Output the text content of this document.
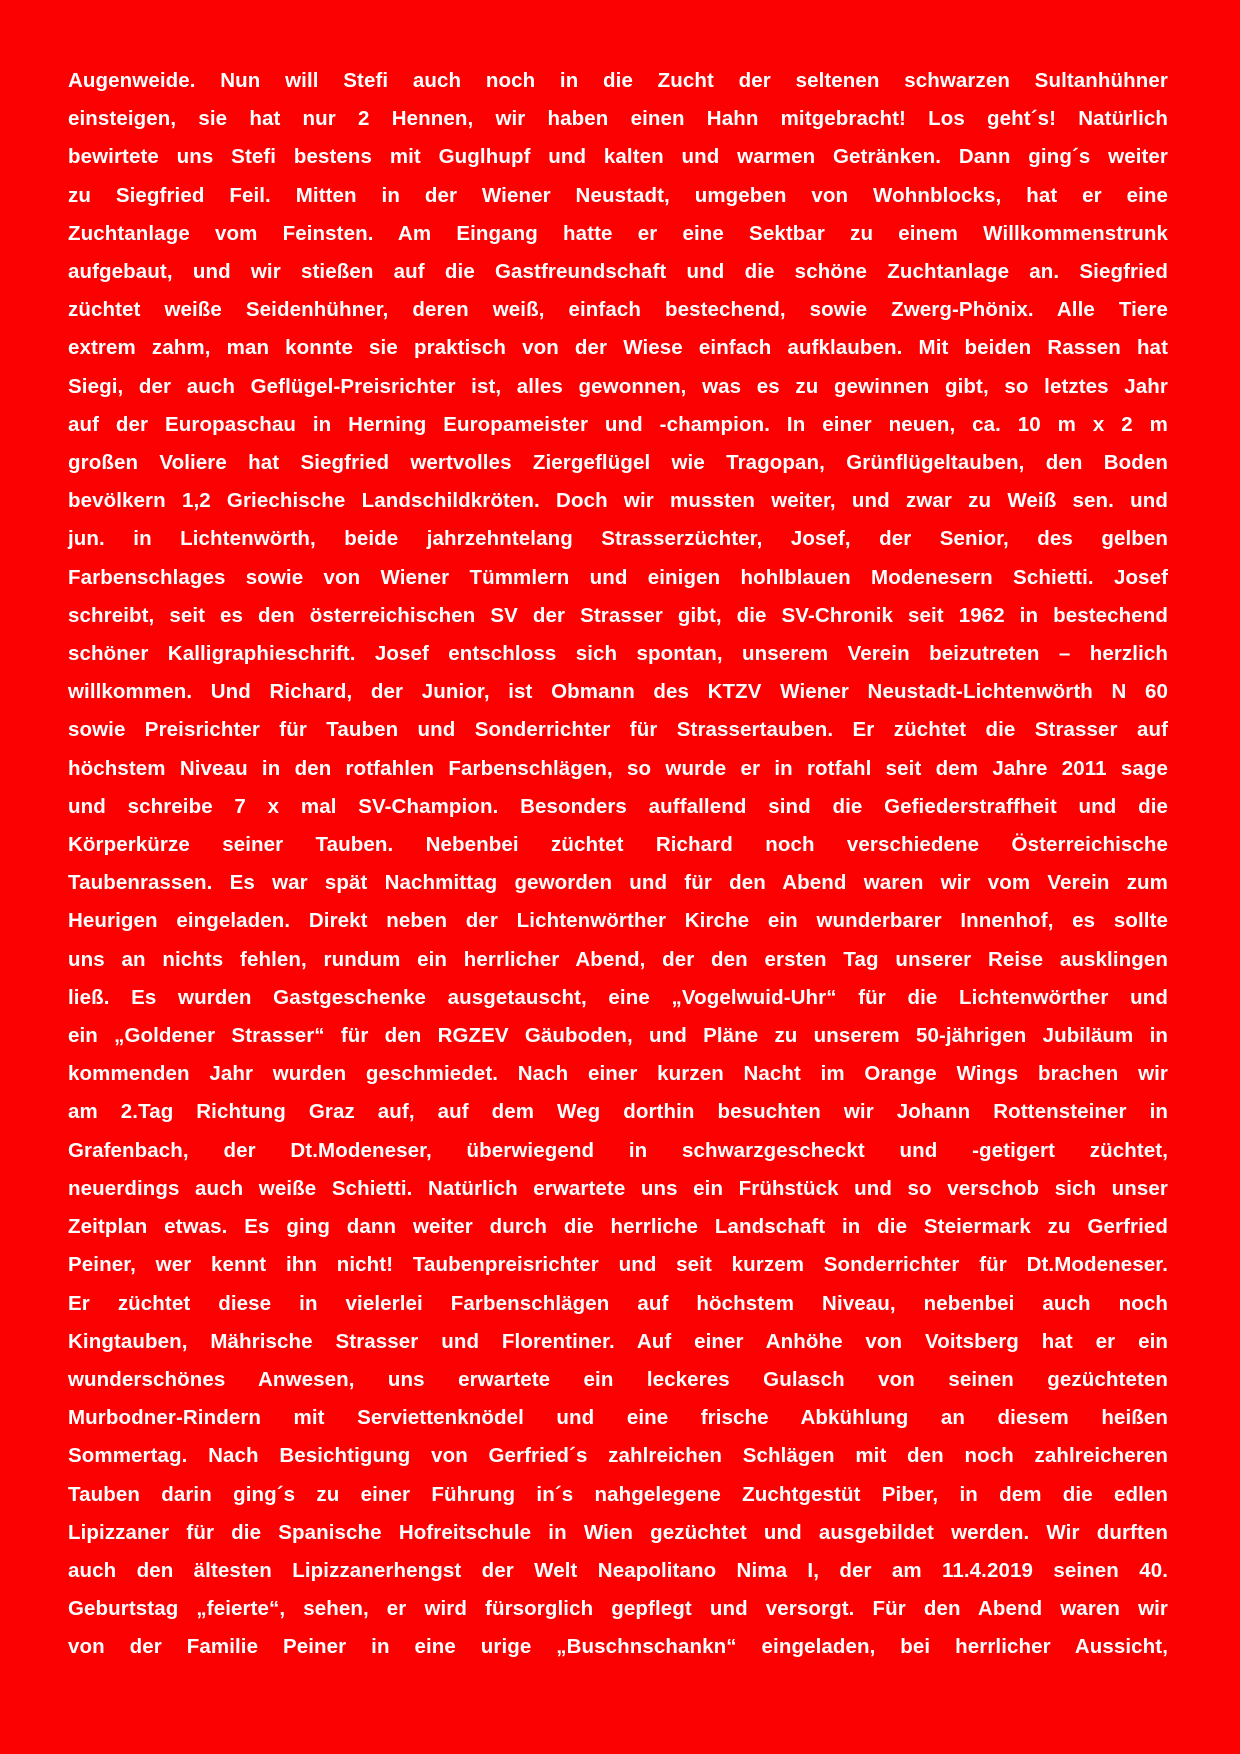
Augenweide. Nun will Stefi auch noch in die Zucht der seltenen schwarzen Sultanhühner
einsteigen, sie hat nur 2 Hennen, wir haben einen Hahn mitgebracht! Los geht´s! Natürlich
bewirtete uns Stefi bestens mit Guglhupf und kalten und warmen Getränken. Dann ging´s weiter
zu Siegfried Feil. Mitten in der Wiener Neustadt, umgeben von Wohnblocks, hat er eine
Zuchtanlage vom Feinsten. Am Eingang hatte er eine Sektbar zu einem Willkommenstrunk
aufgebaut, und wir stießen auf die Gastfreundschaft und die schöne Zuchtanlage an. Siegfried
züchtet weiße Seidenhühner, deren weiß, einfach bestechend, sowie Zwerg-Phönix. Alle Tiere
extrem zahm, man konnte sie praktisch von der Wiese einfach aufklauben. Mit beiden Rassen hat
Siegi, der auch Geflügel-Preisrichter ist, alles gewonnen, was es zu gewinnen gibt, so letztes Jahr
auf der Europaschau in Herning Europameister und -champion. In einer neuen, ca. 10 m x 2 m
großen Voliere hat Siegfried wertvolles Ziergeflügel wie Tragopan, Grünflügeltauben, den Boden
bevölkern 1,2 Griechische Landschildkröten. Doch wir mussten weiter, und zwar zu Weiß sen. und
jun. in Lichtenwörth, beide jahrzehntelang Strasserzüchter, Josef, der Senior, des gelben
Farbenschlages sowie von Wiener Tümmlern und einigen hohlblauen Modenesern Schietti. Josef
schreibt, seit es den österreichischen SV der Strasser gibt, die SV-Chronik seit 1962 in bestechend
schöner Kalligraphieschrift. Josef entschloss sich spontan, unserem Verein beizutreten – herzlich
willkommen. Und Richard, der Junior, ist Obmann des KTZV Wiener Neustadt-Lichtenwörth N 60
sowie Preisrichter für Tauben und Sonderrichter für Strassertauben. Er züchtet die Strasser auf
höchstem Niveau in den rotfahlen Farbenschlägen, so wurde er in rotfahl seit dem Jahre 2011 sage
und schreibe 7 x mal SV-Champion. Besonders auffallend sind die Gefiederstraffheit und die
Körperkürze seiner Tauben. Nebenbei züchtet Richard noch verschiedene Österreichische
Taubenrassen. Es war spät Nachmittag geworden und für den Abend waren wir vom Verein zum
Heurigen eingeladen. Direkt neben der Lichtenwörther Kirche ein wunderbarer Innenhof, es sollte
uns an nichts fehlen, rundum ein herrlicher Abend, der den ersten Tag unserer Reise ausklingen
ließ. Es wurden Gastgeschenke ausgetauscht, eine „Vogelwuid-Uhr“ für die Lichtenwörther und
ein „Goldener Strasser“ für den RGZEV Gäuboden, und Pläne zu unserem 50-jährigen Jubiläum in
kommenden Jahr wurden geschmiedet. Nach einer kurzen Nacht im Orange Wings brachen wir
am 2.Tag Richtung Graz auf, auf dem Weg dorthin besuchten wir Johann Rottensteiner in
Grafenbach, der Dt.Modeneser, überwiegend in schwarzgescheckt und -getigert züchtet,
neuerdings auch weiße Schietti. Natürlich erwartete uns ein Frühstück und so verschob sich unser
Zeitplan etwas. Es ging dann weiter durch die herrliche Landschaft in die Steiermark zu Gerfried
Peiner, wer kennt ihn nicht! Taubenpreisrichter und seit kurzem Sonderrichter für Dt.Modeneser.
Er züchtet diese in vielerlei Farbenschlägen auf höchstem Niveau, nebenbei auch noch
Kingtauben, Mährische Strasser und Florentiner. Auf einer Anhöhe von Voitsberg hat er ein
wunderschönes Anwesen, uns erwartete ein leckeres Gulasch von seinen gezüchteten
Murbodner-Rindern mit Serviettenknödel und eine frische Abkühlung an diesem heißen
Sommertag. Nach Besichtigung von Gerfried´s zahlreichen Schlägen mit den noch zahlreicheren
Tauben darin ging´s zu einer Führung in´s nahgelegene Zuchtgestüt Piber, in dem die edlen
Lipizzaner für die Spanische Hofreitschule in Wien gezüchtet und ausgebildet werden. Wir durften
auch den ältesten Lipizzanerhengst der Welt Neapolitano Nima I, der am 11.4.2019 seinen 40.
Geburtstag „feierte“, sehen, er wird fürsorglich gepflegt und versorgt. Für den Abend waren wir
von der Familie Peiner in eine urige „Buschnschankn“ eingeladen, bei herrlicher Aussicht,
